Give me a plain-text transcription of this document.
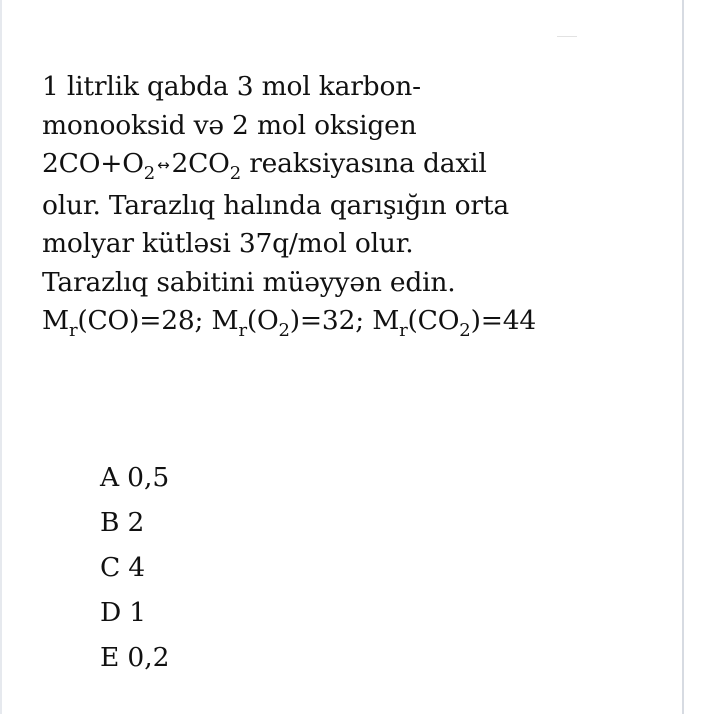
1 litrlik qabda 3 mol karbon-
monooksid və 2 mol oksigen
$2CO+O_2$ $\leftrightarrow 2CO_2$ reaksiyasına daxil
olur. Tarazlıq halında qarışığın orta
molyar kütləsi 37q/mol olur.
Tarazlıq sabitini müəyyən edin.
$M_r(CO)=28$; $M_r(O_2)=32$; $M_r(CO_2)=44$
A 0,5
B 2
C 4
D 1
E 0,2
